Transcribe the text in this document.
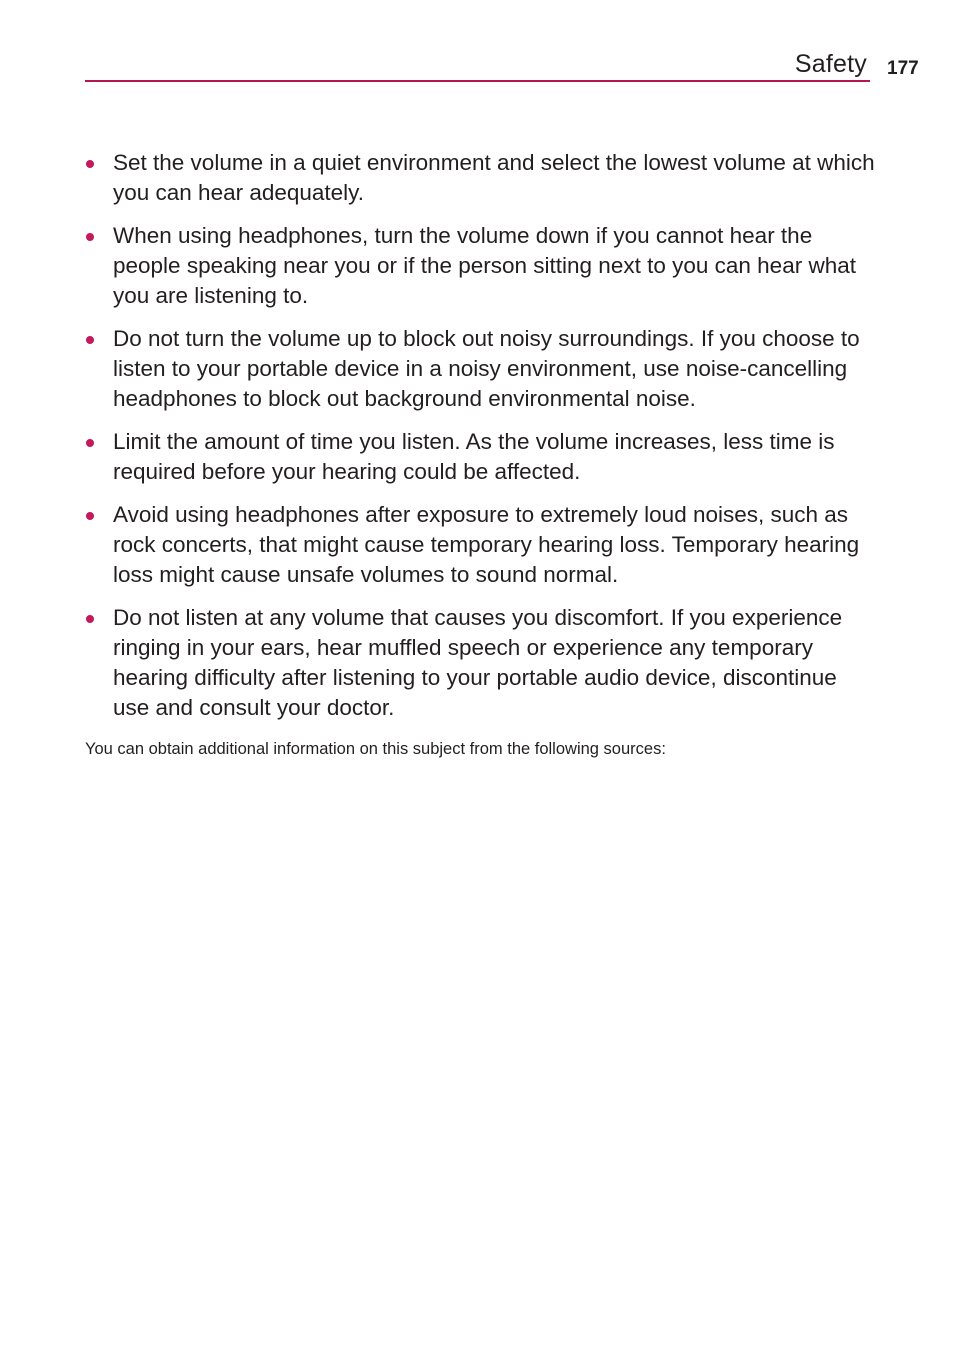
Safety 177
Set the volume in a quiet environment and select the lowest volume at which you can hear adequately.
When using headphones, turn the volume down if you cannot hear the people speaking near you or if the person sitting next to you can hear what you are listening to.
Do not turn the volume up to block out noisy surroundings. If you choose to listen to your portable device in a noisy environment, use noise-cancelling headphones to block out background environmental noise.
Limit the amount of time you listen. As the volume increases, less time is required before your hearing could be affected.
Avoid using headphones after exposure to extremely loud noises, such as rock concerts, that might cause temporary hearing loss. Temporary hearing loss might cause unsafe volumes to sound normal.
Do not listen at any volume that causes you discomfort. If you experience ringing in your ears, hear muffled speech or experience any temporary hearing difficulty after listening to your portable audio device, discontinue use and consult your doctor.
You can obtain additional information on this subject from the following sources:
